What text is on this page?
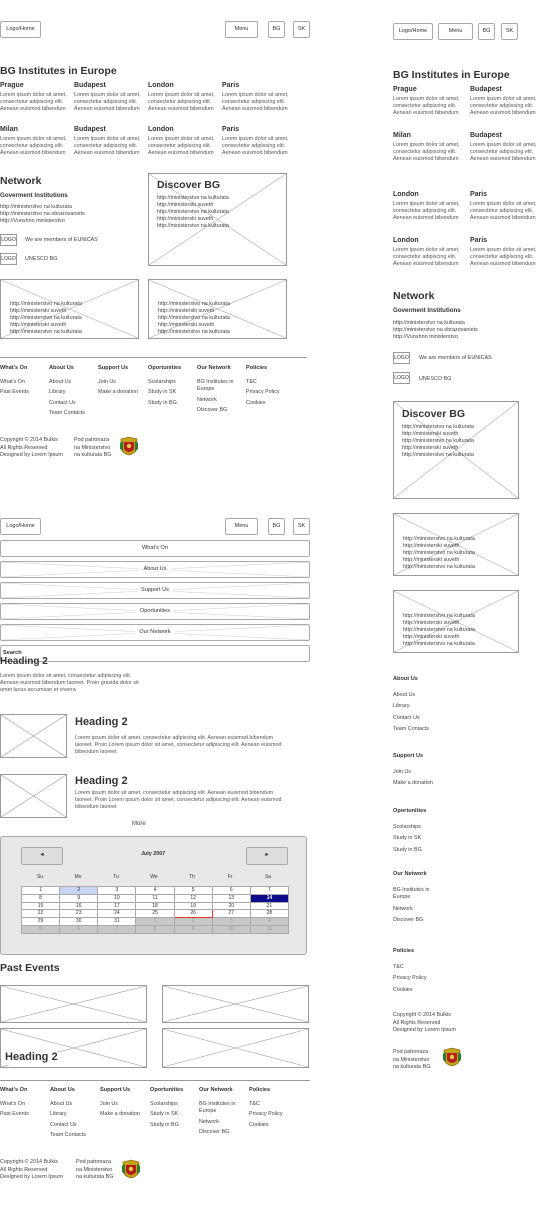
Logo/Home	Menu	BG	SK
BG Institutes in Europe
Prague
Lorem ipsum dolor sit amet, consectetur adipiscing elit. Aenean euismod bibendum
Budapest
Lorem ipsum dolor sit amet, consectetur adipiscing elit. Aenean euismod bibendum
London
Lorem ipsum dolor sit amet, consectetur adipiscing elit. Aenean euismod bibendum
Paris
Lorem ipsum dolor sit amet, consectetur adipiscing elit. Aenean euismod bibendum
Milan
Lorem ipsum dolor sit amet, consectetur adipiscing elit. Aenean euismod bibendum
Budapest
Lorem ipsum dolor sit amet, consectetur adipiscing elit. Aenean euismod bibendum
London
Lorem ipsum dolor sit amet, consectetur adipiscing elit. Aenean euismod bibendum
Paris
Lorem ipsum dolor sit amet, consectetur adipiscing elit. Aenean euismod bibendum
Network
Goverment Institutions
http://ministerstvo na kulturata
http://ministerstvo na obrazovaniets
http://Vunshno ministerstvo
LOGO We are members of EUNICAS
LOGO UNESCO BG
Discover BG
http://ministerstvo na kulturata
http://ministerski suveth
http://ministerstvo na kulturata
http://ministerski suveth
http://ministerstvo na kulturata
http://ministerstvo na kulturata
http://ministerski suveth
http://ministerstvo na kulturata
http://ministerski suveth
http://ministerstvo na kulturata
http://ministerstvo na kulturata
http://ministerski suveth
http://ministerstvo na kulturata
http://ministerski suveth
http://ministerstvo na kulturata
What's On
What's On
Past Events
About Us
About Us
Library
Contact Us
Team Contacts
Support Us
Join Us
Make a donation
Oportunities
Scolarships
Study in SK
Study in BG
Our Network
BG Institutes in Europe
Network
Discover BG
Policies
T&C
Privacy Policy
Cookies
Copyright © 2014 Bulkis
All Rights Reserved
Designed by Lorem Ipsum
Pod patronaza
na Ministerstvo
na kulturata BG
Logo/Home	Menu	BG	SK
What's On
About Us
Support Us
Oportunities
Our Network
Search
Heading 2
Lorem ipsum dolor sit amet, consectetur adipiscing elit. Aenean euismod bibendum laoreet. Proin gravida dolor sit amet lacus accumsan et viverra
Heading 2
Lorem ipsum dolor sit amet, consectetur adipiscing elit. Aenean euismod bibendum laoreet. Proin Lorem ipsum dolor sit amet, consectetur adipiscing elit. Aenean euismod bibendum laoreet
Heading 2
Lorem ipsum dolor sit amet, consectetur adipiscing elit. Aenean euismod bibendum laoreet. Proin Lorem ipsum dolor sit amet, consectetur adipiscing elit. Aenean euismod bibendum laoreet
More
◄	July 2007	►
Su	Mo	Tu	We	Th	Fr	Sa
1	2	3	4	5	6	7
8	9	10	11	12	13	14
15	16	17	18	19	20	21
22	23	24	25	26	27	28
29	30	31	1	2	3	4
5	6	7	8	9	10	11
Past Events
Heading 2
What's On
What's On
Past Events
About Us
About Us
Library
Contact Us
Team Contacts
Support Us
Join Us
Make a donation
Oportunities
Scolarships
Study in SK
Study in BG
Our Network
BG Institutes in Europe
Network
Discover BG
Policies
T&C
Privacy Policy
Cookies
Copyright © 2014 Bulkis
All Rights Reserved
Designed by Lorem Ipsum
Pod patronaza
na Ministerstvo
na kulturata BG
Logo/Home	Menu	BG	SK
BG Institutes in Europe
Prague
Lorem ipsum dolor sit amet, consectetur adipiscing elit. Aenean euismod bibendum
Budapest
Lorem ipsum dolor sit amet, consectetur adipiscing elit. Aenean euismod bibendum
Milan
Lorem ipsum dolor sit amet, consectetur adipiscing elit. Aenean euismod bibendum
Budapest
Lorem ipsum dolor sit amet, consectetur adipiscing elit. Aenean euismod bibendum
London
Lorem ipsum dolor sit amet, consectetur adipiscing elit. Aenean euismod bibendum
Paris
Lorem ipsum dolor sit amet, consectetur adipiscing elit. Aenean euismod bibendum
London
Lorem ipsum dolor sit amet, consectetur adipiscing elit. Aenean euismod bibendum
Paris
Lorem ipsum dolor sit amet, consectetur adipiscing elit. Aenean euismod bibendum
Network
Goverment Institutions
http://ministerstvo na kulturata
http://ministerstvo na obrazovaniets
http://Vunshno ministerstvo
LOGO We are members of EUNICAS
LOGO UNESCO BG
Discover BG
http://ministerstvo na kulturata
http://ministerski suveth
http://ministerstvo na kulturata
http://ministerski suveth
http://ministerstvo na kulturata
http://ministerstvo na kulturata
http://ministerski suveth
http://ministerstvo na kulturata
http://ministerski suveth
http://ministerstvo na kulturata
http://ministerstvo na kulturata
http://ministerski suveth
http://ministerstvo na kulturata
http://ministerski suveth
http://ministerstvo na kulturata
About Us
About Us
Library
Contact Us
Team Contacts
Support Us
Join Us
Make a donation
Oportunities
Scolarships
Study in SK
Study in BG
Our Network
BG Institutes in Europe
Network
Discover BG
Policies
T&C
Privacy Policy
Cookies
Copyright © 2014 Bulkis
All Rights Reserved
Designed by Lorem Ipsum
Pod patronaza
na Ministerstvo
na kulturata BG
